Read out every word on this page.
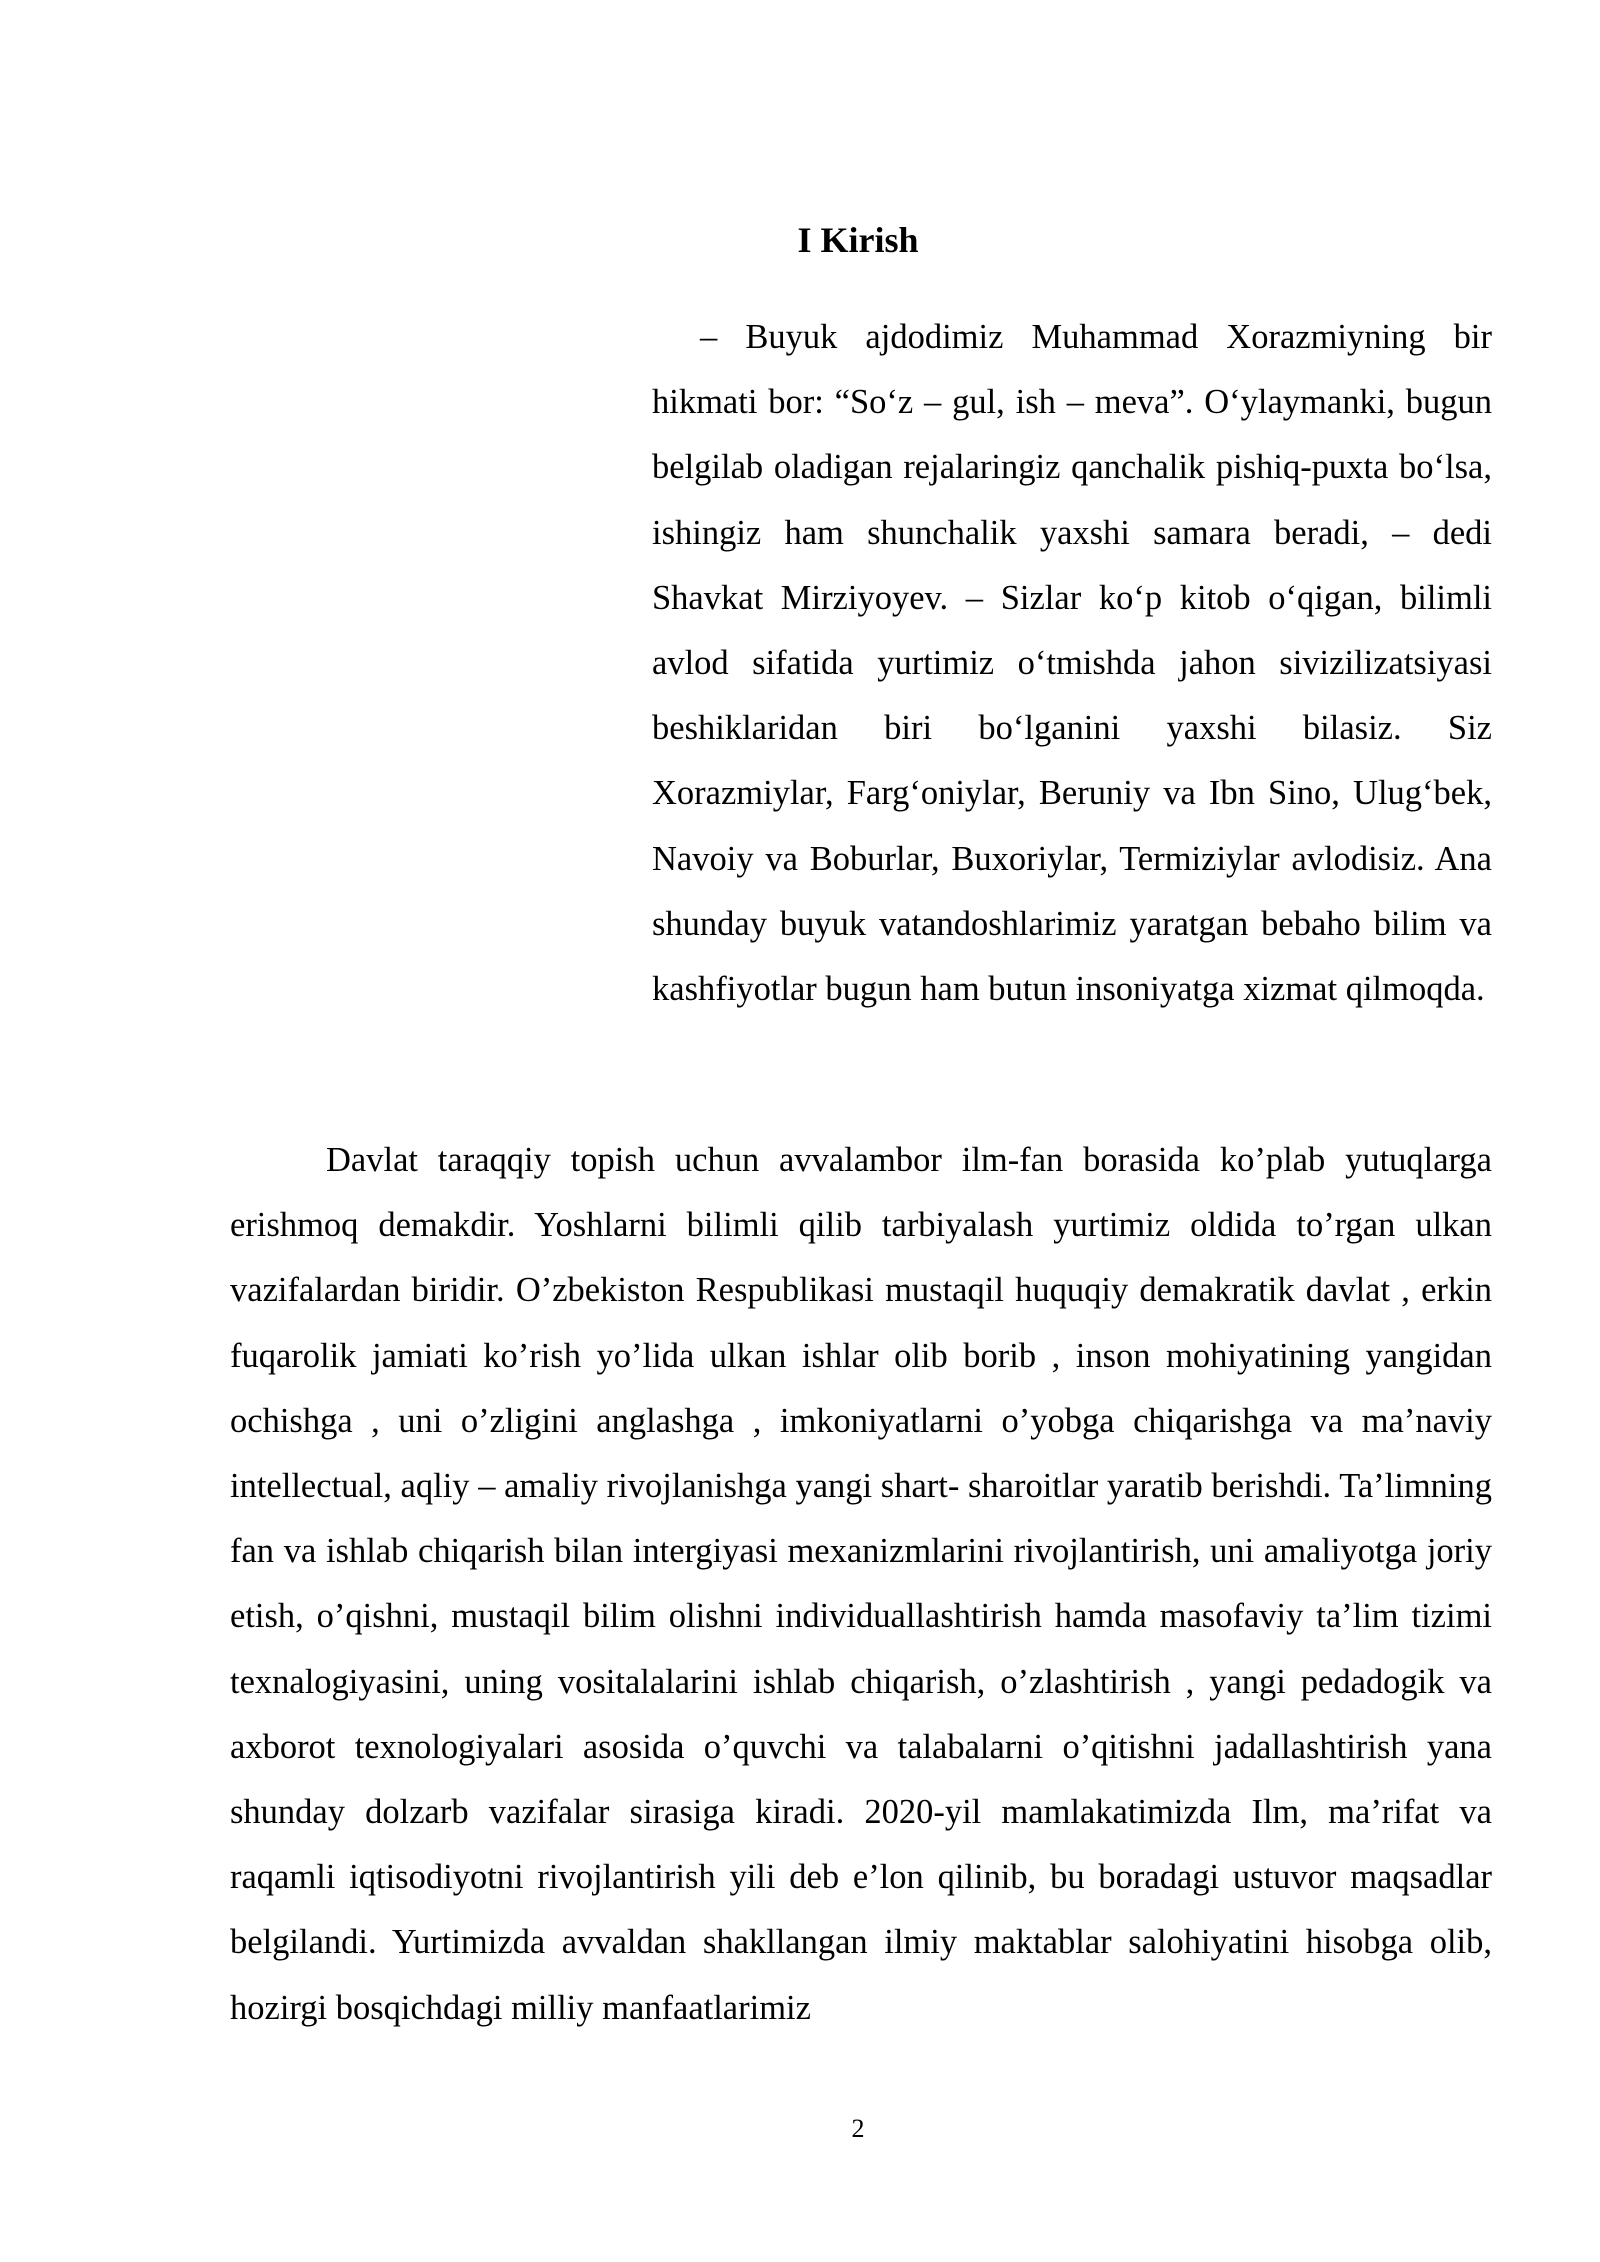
I Kirish

– Buyuk ajdodimiz Muhammad Xorazmiyning bir hikmati bor: “So‘z – gul, ish – meva”. O‘ylaymanki, bugun belgilab oladigan rejalaringiz qanchalik pishiq-puxta bo‘lsa, ishingiz ham shunchalik yaxshi samara beradi, – dedi Shavkat Mirziyoyev. – Sizlar ko‘p kitob o‘qigan, bilimli avlod sifatida yurtimiz o‘tmishda jahon sivizilizatsiyasi beshiklaridan biri bo‘lganini yaxshi bilasiz. Siz Xorazmiylar, Farg‘oniylar, Beruniy va Ibn Sino, Ulug‘bek, Navoiy va Boburlar, Buxoriylar, Termiziylar avlodisiz. Ana shunday buyuk vatandoshlarimiz yaratgan bebaho bilim va kashfiyotlar bugun ham butun insoniyatga xizmat qilmoqda.

Davlat taraqqiy topish uchun avvalambor ilm-fan borasida ko’plab yutuqlarga erishmoq demakdir. Yoshlarni bilimli qilib tarbiyalash yurtimiz oldida to’rgan ulkan vazifalardan biridir. O’zbekiston Respublikasi mustaqil huquqiy demakratik davlat , erkin fuqarolik jamiati ko’rish yo’lida ulkan ishlar olib borib , inson mohiyatining yangidan ochishga , uni o’zligini anglashga , imkoniyatlarni o’yobga chiqarishga va ma’naviy intellectual, aqliy – amaliy rivojlanishga yangi shart- sharoitlar yaratib berishdi. Ta’limning fan va ishlab chiqarish bilan intergiyasi mexanizmlarini rivojlantirish, uni amaliyotga joriy etish, o’qishni, mustaqil bilim olishni individuallashtirish hamda masofaviy ta’lim tizimi texnalogiyasini, uning vositalalarini ishlab chiqarish, o’zlashtirish , yangi pedadogik va axborot texnologiyalari asosida o’quvchi va talabalarni o’qitishni jadallashtirish yana shunday dolzarb vazifalar sirasiga kiradi. 2020-yil mamlakatimizda Ilm, ma’rifat va raqamli iqtisodiyotni rivojlantirish yili deb e’lon qilinib, bu boradagi ustuvor maqsadlar belgilandi. Yurtimizda avvaldan shakllangan ilmiy maktablar salohiyatini hisobga olib, hozirgi bosqichdagi milliy manfaatlarimiz

2
